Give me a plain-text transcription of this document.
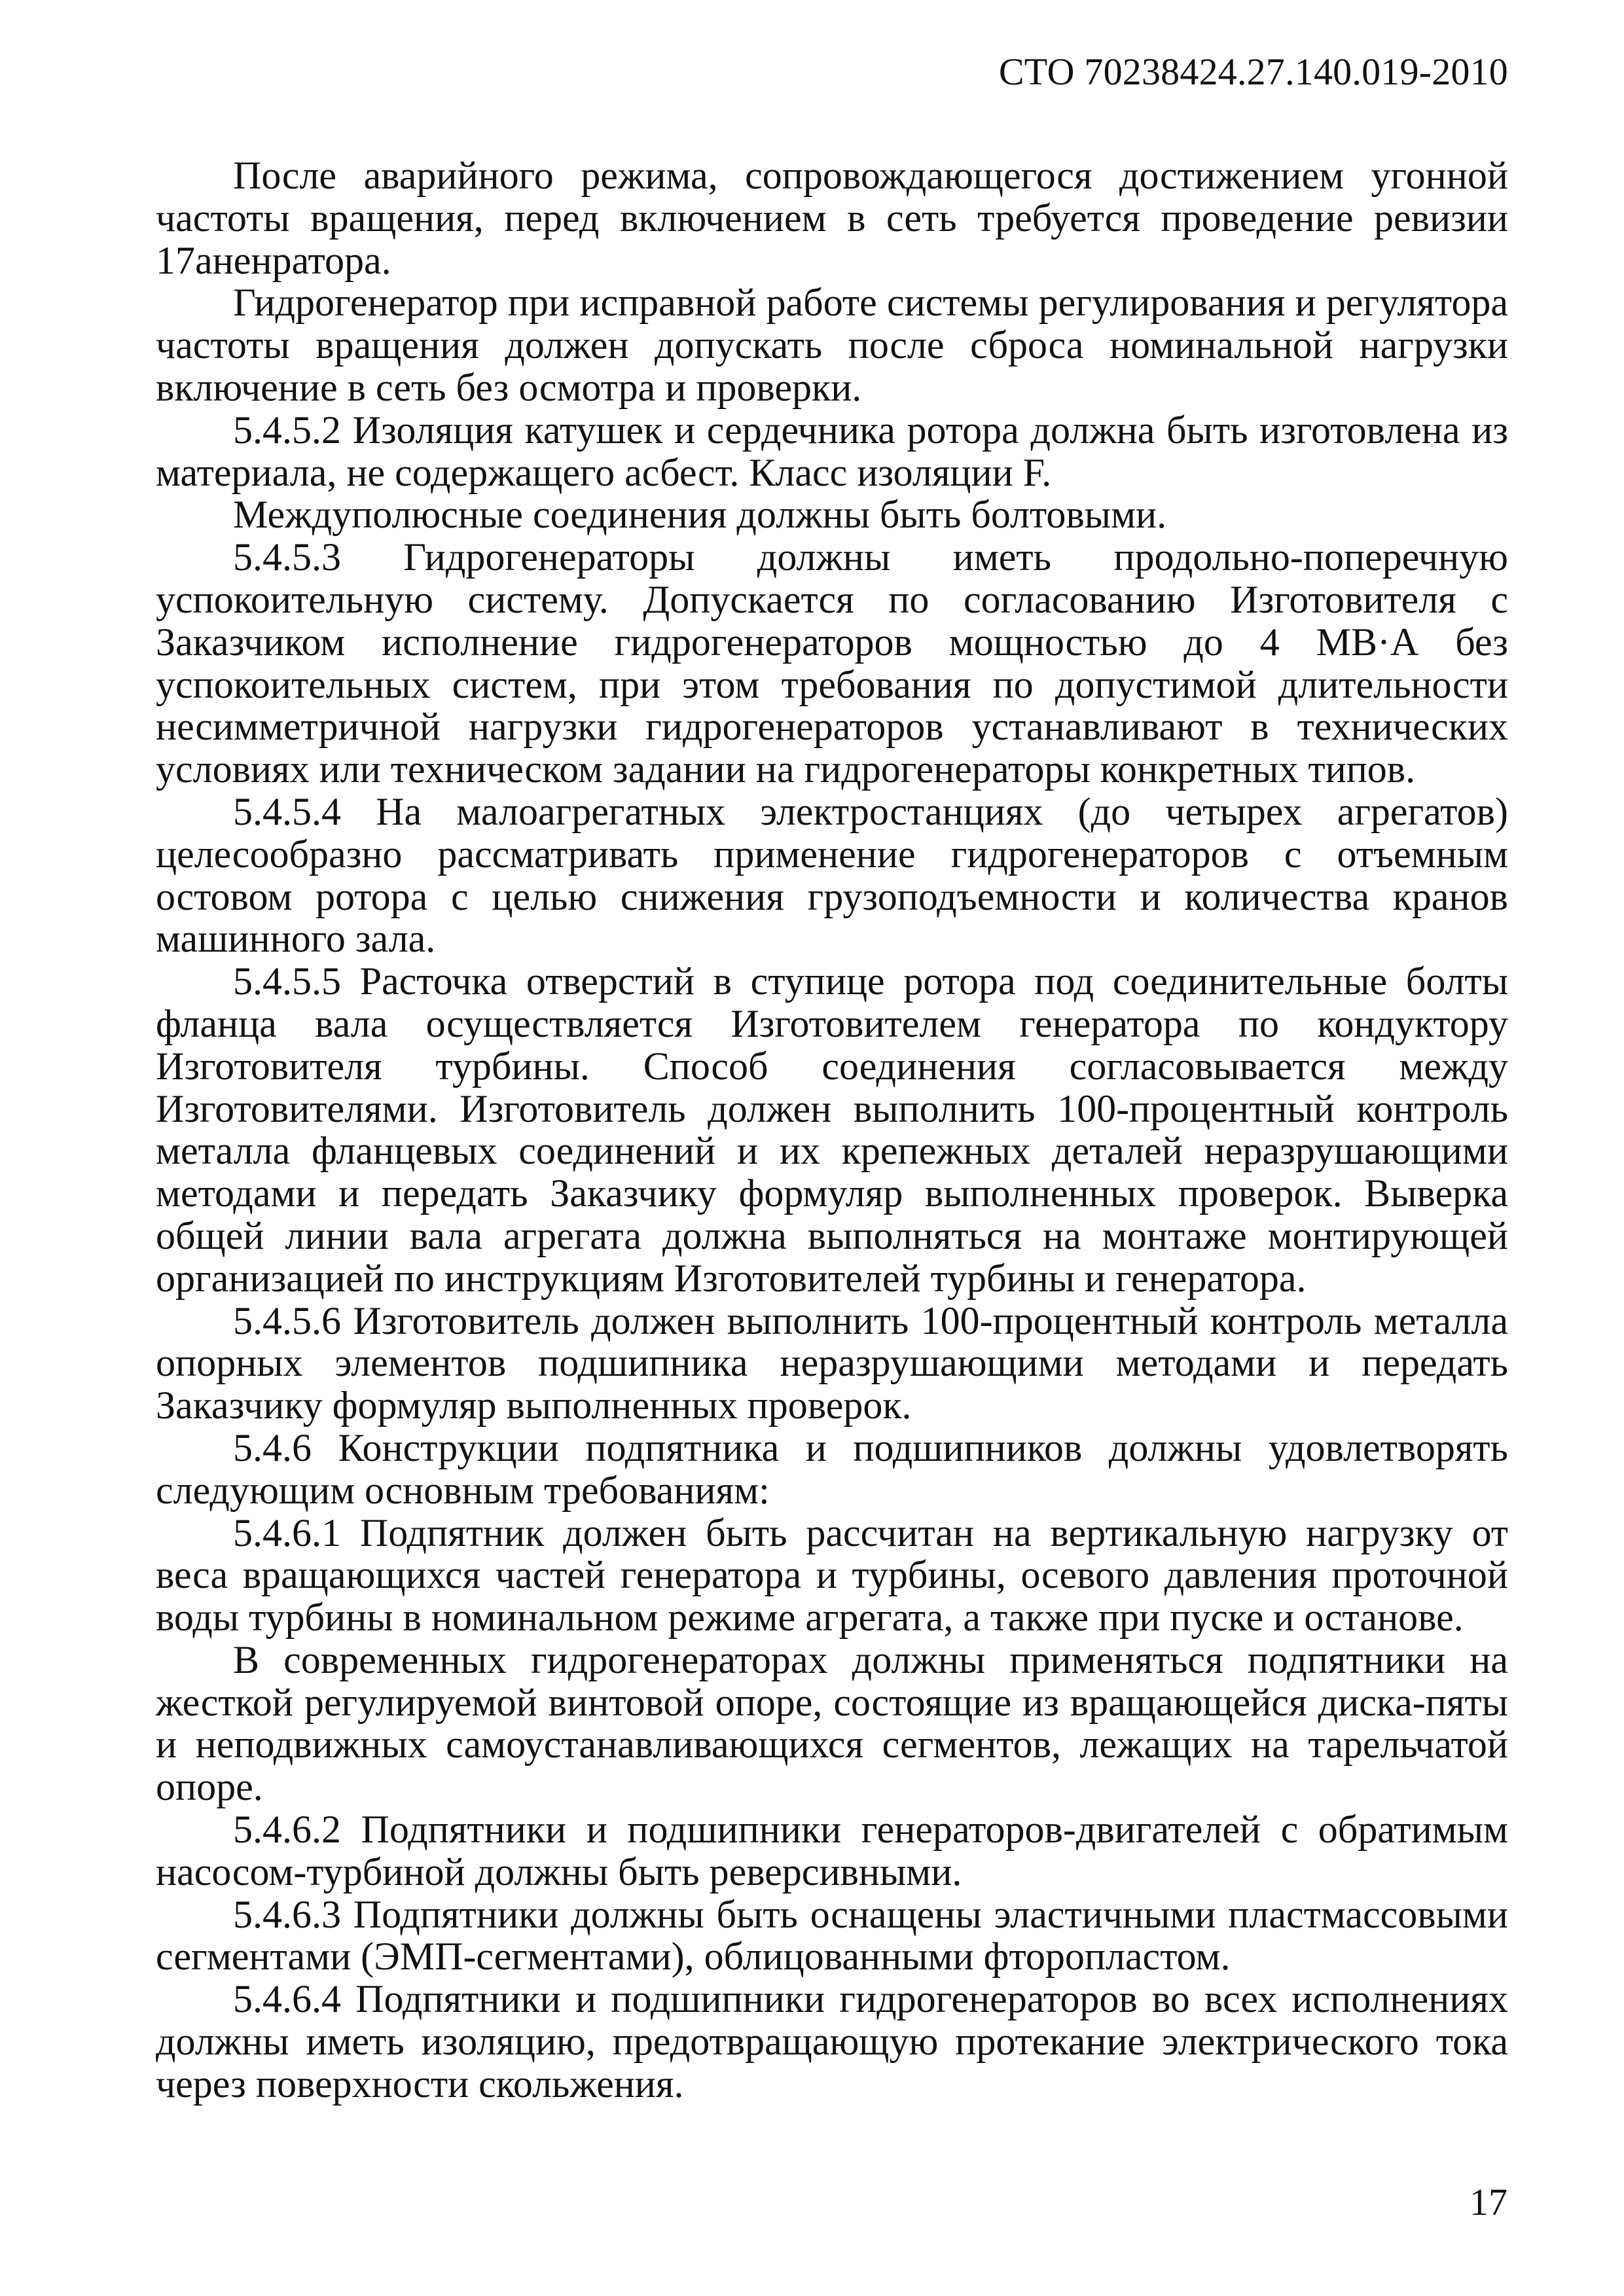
СТО 70238424.27.140.019-2010

После аварийного режима, сопровождающегося достижением угонной частоты вращения, перед включением в сеть требуется проведение ревизии 17аненратора.

Гидрогенератор при исправной работе системы регулирования и регулятора частоты вращения должен допускать после сброса номинальной нагрузки включение в сеть без осмотра и проверки.

5.4.5.2 Изоляция катушек и сердечника ротора должна быть изготовлена из материала, не содержащего асбест. Класс изоляции F.

Междуполюсные соединения должны быть болтовыми.

5.4.5.3 Гидрогенераторы должны иметь продольно-поперечную успокоительную систему. Допускается по согласованию Изготовителя с Заказчиком исполнение гидрогенераторов мощностью до 4 МВ·А без успокоительных систем, при этом требования по допустимой длительности несимметричной нагрузки гидрогенераторов устанавливают в технических условиях или техническом задании на гидрогенераторы конкретных типов.

5.4.5.4 На малоагрегатных электростанциях (до четырех агрегатов) целесообразно рассматривать применение гидрогенераторов с отъемным остовом ротора с целью снижения грузоподъемности и количества кранов машинного зала.

5.4.5.5 Расточка отверстий в ступице ротора под соединительные болты фланца вала осуществляется Изготовителем генератора по кондуктору Изготовителя турбины. Способ соединения согласовывается между Изготовителями. Изготовитель должен выполнить 100-процентный контроль металла фланцевых соединений и их крепежных деталей неразрушающими методами и передать Заказчику формуляр выполненных проверок. Выверка общей линии вала агрегата должна выполняться на монтаже монтирующей организацией по инструкциям Изготовителей турбины и генератора.

5.4.5.6 Изготовитель должен выполнить 100-процентный контроль металла опорных элементов подшипника неразрушающими методами и передать Заказчику формуляр выполненных проверок.

5.4.6 Конструкции подпятника и подшипников должны удовлетворять следующим основным требованиям:

5.4.6.1 Подпятник должен быть рассчитан на вертикальную нагрузку от веса вращающихся частей генератора и турбины, осевого давления проточной воды турбины в номинальном режиме агрегата, а также при пуске и останове.

В современных гидрогенераторах должны применяться подпятники на жесткой регулируемой винтовой опоре, состоящие из вращающейся диска-пяты и неподвижных самоустанавливающихся сегментов, лежащих на тарельчатой опоре.

5.4.6.2 Подпятники и подшипники генераторов-двигателей с обратимым насосом-турбиной должны быть реверсивными.

5.4.6.3 Подпятники должны быть оснащены эластичными пластмассовыми сегментами (ЭМП-сегментами), облицованными фторопластом.

5.4.6.4 Подпятники и подшипники гидрогенераторов во всех исполнениях должны иметь изоляцию, предотвращающую протекание электрического тока через поверхности скольжения.

17
